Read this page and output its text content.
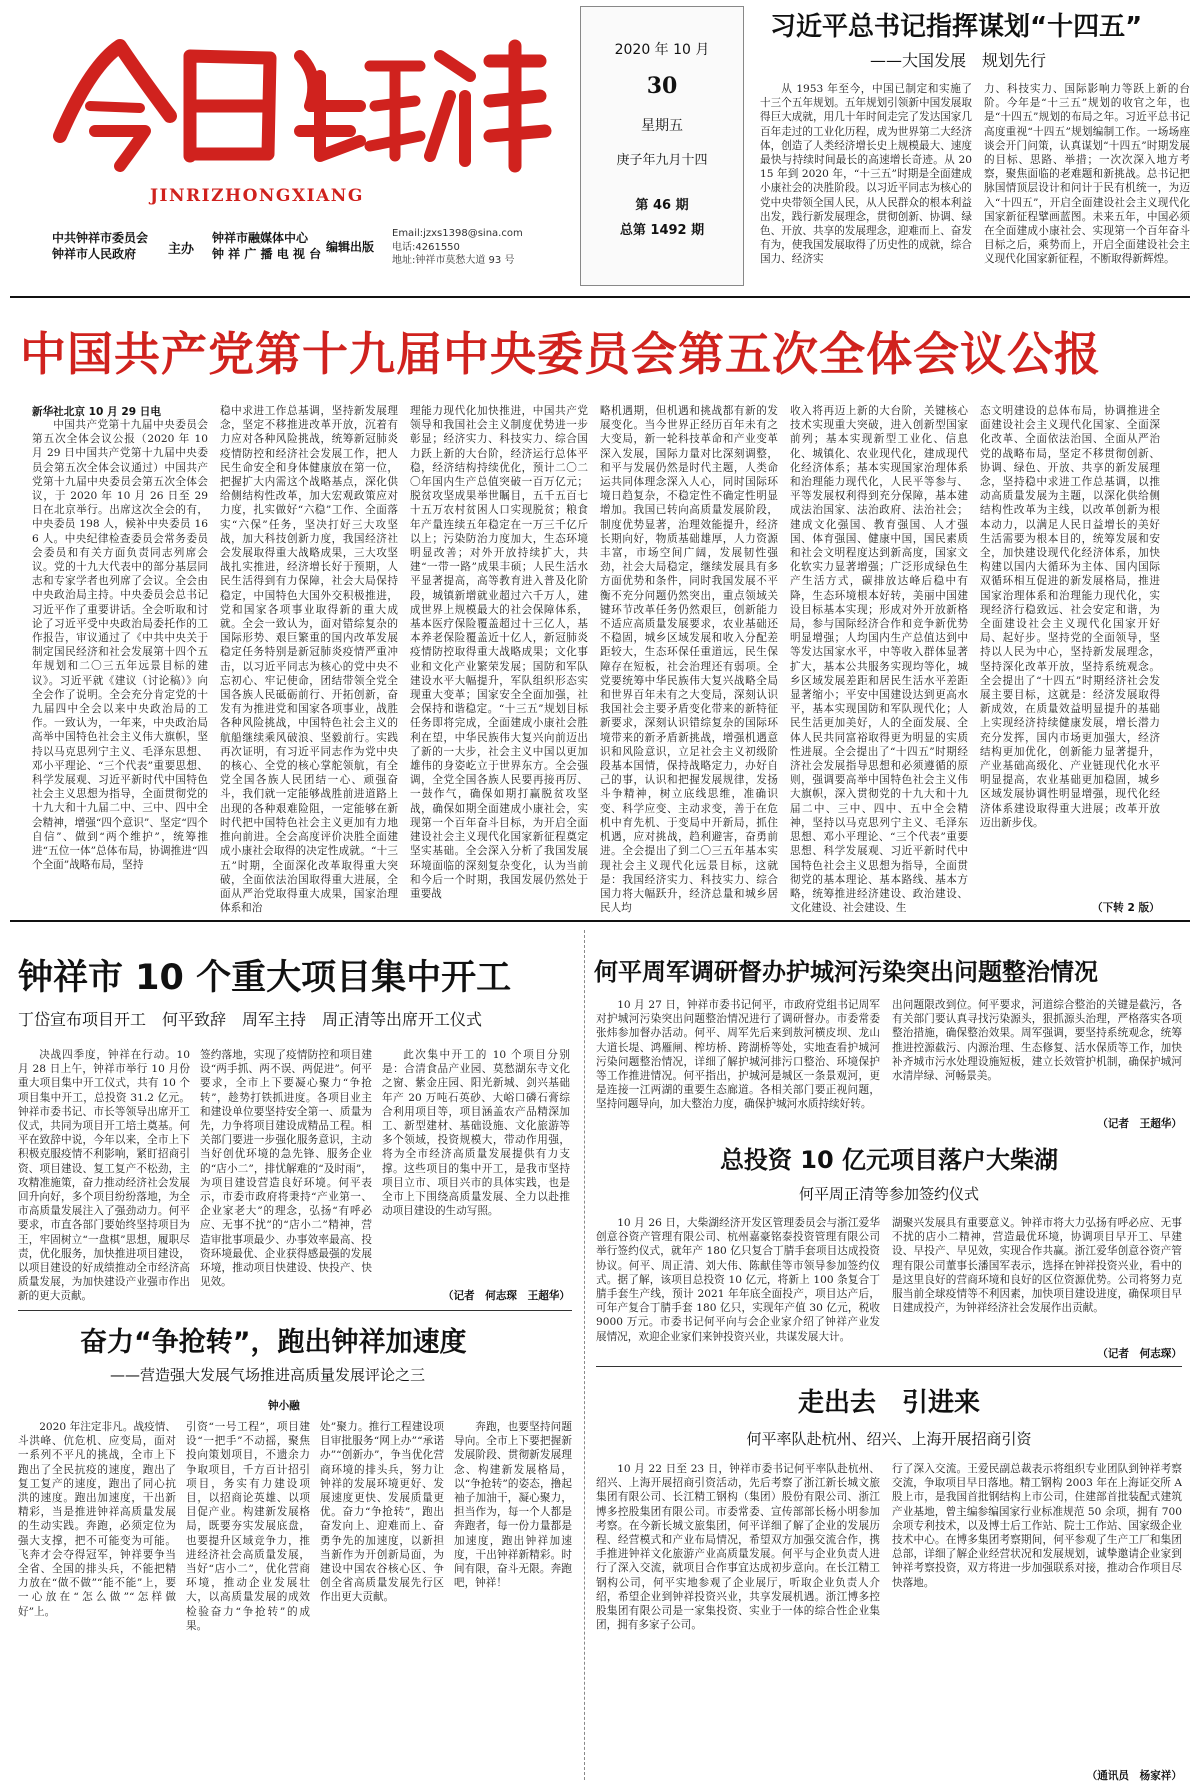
JINRIZHONGXIANG
中共钟祥市委员会
钟祥市人民政府	主办
钟祥市融媒体中心
钟 祥 广 播 电 视 台 编辑出版
Email:jzxs1398@sina.com
电话:4261550
地址:钟祥市莫愁大道 93 号
2020 年 10 月
30
星期五
庚子年九月十四
第 46 期
总第 1492 期
习近平总书记指挥谋划“十四五”
——大国发展　规划先行
从 1953 年至今，中国已制定和实施了十三个五年规划。五年规划引领新中国发展取得巨大成就，用几十年时间走完了发达国家几百年走过的工业化历程，成为世界第二大经济体，创造了人类经济增长史上规模最大、速度最快与持续时间最长的高速增长奇迹。从 2015 年到 2020 年，“十三五”时期是全面建成小康社会的决胜阶段。以习近平同志为核心的党中央带领全国人民，从人民群众的根本利益出发，践行新发展理念，贯彻创新、协调、绿色、开放、共享的发展理念，迎难而上、奋发有为，使我国发展取得了历史性的成就，综合国力、经济实
力、科技实力、国际影响力等跃上新的台阶。今年是“十三五”规划的收官之年，也是“十四五”规划的布局之年。习近平总书记高度重视“十四五”规划编制工作。一场场座谈会开门问策，认真谋划“十四五”时期发展的目标、思路、举措；一次次深入地方考察，聚焦面临的老难题和新挑战。总书记把脉国情顶层设计和问计于民有机统一，为迈入“十四五”，开启全面建设社会主义现代化国家新征程擘画蓝图。未来五年，中国必须在全面建成小康社会、实现第一个百年奋斗目标之后，乘势而上，开启全面建设社会主义现代化国家新征程，不断取得新辉煌。
中国共产党第十九届中央委员会第五次全体会议公报
新华社北京 10 月 29 日电
中国共产党第十九届中央委员会第五次全体会议公报（2020 年 10 月 29 日中国共产党第十九届中央委员会第五次全体会议通过）中国共产党第十九届中央委员会第五次全体会议，于 2020 年 10 月 26 日至 29 日在北京举行。出席这次全会的有，中央委员 198 人，候补中央委员 166 人。中央纪律检查委员会常务委员会委员和有关方面负责同志列席会议。党的十九大代表中的部分基层同志和专家学者也列席了会议。全会由中央政治局主持。中央委员会总书记习近平作了重要讲话。全会听取和讨论了习近平受中央政治局委托作的工作报告，审议通过了《中共中央关于制定国民经济和社会发展第十四个五年规划和二〇三五年远景目标的建议》。习近平就《建议（讨论稿）》向全会作了说明。全会充分肯定党的十九届四中全会以来中央政治局的工作。一致认为，一年来，中央政治局高举中国特色社会主义伟大旗帜，坚持以马克思列宁主义、毛泽东思想、邓小平理论、“三个代表”重要思想、科学发展观、习近平新时代中国特色社会主义思想为指导，全面贯彻党的十九大和十九届二中、三中、四中全会精神，增强“四个意识”、坚定“四个自信”、做到“两个维护”，统筹推进“五位一体”总体布局，协调推进“四个全面”战略布局，坚持
稳中求进工作总基调，坚持新发展理念，坚定不移推进改革开放，沉着有力应对各种风险挑战，统筹新冠肺炎疫情防控和经济社会发展工作，把人民生命安全和身体健康放在第一位，把握扩大内需这个战略基点，深化供给侧结构性改革，加大宏观政策应对力度，扎实做好“六稳”工作、全面落实“六保”任务，坚决打好三大攻坚战，加大科技创新力度，我国经济社会发展取得重大战略成果，三大攻坚战扎实推进，经济增长好于预期，人民生活得到有力保障，社会大局保持稳定，中国特色大国外交积极推进，党和国家各项事业取得新的重大成就。全会一致认为，面对错综复杂的国际形势、艰巨繁重的国内改革发展稳定任务特别是新冠肺炎疫情严重冲击，以习近平同志为核心的党中央不忘初心、牢记使命，团结带领全党全国各族人民砥砺前行、开拓创新，奋发有为推进党和国家各项事业，战胜各种风险挑战，中国特色社会主义的航船继续乘风破浪、坚毅前行。实践再次证明，有习近平同志作为党中央的核心、全党的核心掌舵领航，有全党全国各族人民团结一心、顽强奋斗，我们就一定能够战胜前进道路上出现的各种艰难险阻，一定能够在新时代把中国特色社会主义更加有力地推向前进。全会高度评价决胜全面建成小康社会取得的决定性成就。“十三五”时期，全面深化改革取得重大突破，全面依法治国取得重大进展，全面从严治党取得重大成果，国家治理体系和治
理能力现代化加快推进，中国共产党领导和我国社会主义制度优势进一步彰显；经济实力、科技实力、综合国力跃上新的大台阶，经济运行总体平稳，经济结构持续优化，预计二〇二〇年国内生产总值突破一百万亿元；脱贫攻坚成果举世瞩目，五千五百七十五万农村贫困人口实现脱贫；粮食年产量连续五年稳定在一万三千亿斤以上；污染防治力度加大，生态环境明显改善；对外开放持续扩大，共建“一带一路”成果丰硕；人民生活水平显著提高，高等教育进入普及化阶段，城镇新增就业超过六千万人，建成世界上规模最大的社会保障体系，基本医疗保险覆盖超过十三亿人，基本养老保险覆盖近十亿人，新冠肺炎疫情防控取得重大战略成果；文化事业和文化产业繁荣发展；国防和军队建设水平大幅提升，军队组织形态实现重大变革；国家安全全面加强，社会保持和谐稳定。“十三五”规划目标任务即将完成，全面建成小康社会胜利在望，中华民族伟大复兴向前迈出了新的一大步，社会主义中国以更加雄伟的身姿屹立于世界东方。全会强调，全党全国各族人民要再接再厉、一鼓作气，确保如期打赢脱贫攻坚战，确保如期全面建成小康社会，实现第一个百年奋斗目标，为开启全面建设社会主义现代化国家新征程奠定坚实基础。全会深入分析了我国发展环境面临的深刻复杂变化，认为当前和今后一个时期，我国发展仍然处于重要战
略机遇期，但机遇和挑战都有新的发展变化。当今世界正经历百年未有之大变局，新一轮科技革命和产业变革深入发展，国际力量对比深刻调整，和平与发展仍然是时代主题，人类命运共同体理念深入人心，同时国际环境日趋复杂，不稳定性不确定性明显增加。我国已转向高质量发展阶段，制度优势显著，治理效能提升，经济长期向好，物质基础雄厚，人力资源丰富，市场空间广阔，发展韧性强劲，社会大局稳定，继续发展具有多方面优势和条件，同时我国发展不平衡不充分问题仍然突出，重点领域关键环节改革任务仍然艰巨，创新能力不适应高质量发展要求，农业基础还不稳固，城乡区域发展和收入分配差距较大，生态环保任重道远，民生保障存在短板，社会治理还有弱项。全党要统筹中华民族伟大复兴战略全局和世界百年未有之大变局，深刻认识我国社会主要矛盾变化带来的新特征新要求，深刻认识错综复杂的国际环境带来的新矛盾新挑战，增强机遇意识和风险意识，立足社会主义初级阶段基本国情，保持战略定力，办好自己的事，认识和把握发展规律，发扬斗争精神，树立底线思维，准确识变、科学应变、主动求变，善于在危机中育先机、于变局中开新局，抓住机遇，应对挑战，趋利避害，奋勇前进。全会提出了到二〇三五年基本实现社会主义现代化远景目标，这就是：我国经济实力、科技实力、综合国力将大幅跃升，经济总量和城乡居民人均
收入将再迈上新的大台阶，关键核心技术实现重大突破，进入创新型国家前列；基本实现新型工业化、信息化、城镇化、农业现代化，建成现代化经济体系；基本实现国家治理体系和治理能力现代化，人民平等参与、平等发展权利得到充分保障，基本建成法治国家、法治政府、法治社会；建成文化强国、教育强国、人才强国、体育强国、健康中国，国民素质和社会文明程度达到新高度，国家文化软实力显著增强；广泛形成绿色生产生活方式，碳排放达峰后稳中有降，生态环境根本好转，美丽中国建设目标基本实现；形成对外开放新格局，参与国际经济合作和竞争新优势明显增强；人均国内生产总值达到中等发达国家水平，中等收入群体显著扩大，基本公共服务实现均等化，城乡区域发展差距和居民生活水平差距显著缩小；平安中国建设达到更高水平，基本实现国防和军队现代化；人民生活更加美好，人的全面发展、全体人民共同富裕取得更为明显的实质性进展。全会提出了“十四五”时期经济社会发展指导思想和必须遵循的原则，强调要高举中国特色社会主义伟大旗帜，深入贯彻党的十九大和十九届二中、三中、四中、五中全会精神，坚持以马克思列宁主义、毛泽东思想、邓小平理论、“三个代表”重要思想、科学发展观、习近平新时代中国特色社会主义思想为指导，全面贯彻党的基本理论、基本路线、基本方略，统筹推进经济建设、政治建设、文化建设、社会建设、生
态文明建设的总体布局，协调推进全面建设社会主义现代化国家、全面深化改革、全面依法治国、全面从严治党的战略布局，坚定不移贯彻创新、协调、绿色、开放、共享的新发展理念，坚持稳中求进工作总基调，以推动高质量发展为主题，以深化供给侧结构性改革为主线，以改革创新为根本动力，以满足人民日益增长的美好生活需要为根本目的，统筹发展和安全，加快建设现代化经济体系，加快构建以国内大循环为主体、国内国际双循环相互促进的新发展格局，推进国家治理体系和治理能力现代化，实现经济行稳致远、社会安定和谐，为全面建设社会主义现代化国家开好局、起好步。坚持党的全面领导，坚持以人民为中心，坚持新发展理念，坚持深化改革开放，坚持系统观念。全会提出了“十四五”时期经济社会发展主要目标，这就是：经济发展取得新成效，在质量效益明显提升的基础上实现经济持续健康发展，增长潜力充分发挥，国内市场更加强大，经济结构更加优化，创新能力显著提升，产业基础高级化、产业链现代化水平明显提高，农业基础更加稳固，城乡区域发展协调性明显增强，现代化经济体系建设取得重大进展；改革开放迈出新步伐。
（下转 2 版）
钟祥市 10 个重大项目集中开工
丁岱宣布项目开工　何平致辞　周军主持　周正清等出席开工仪式
决战四季度，钟祥在行动。10 月 28 日上午，钟祥市举行 10 月份重大项目集中开工仪式，共有 10 个项目集中开工，总投资 31.2 亿元。钟祥市委书记、市长等领导出席开工仪式，共同为项目开工培土奠基。何平在致辞中说，今年以来，全市上下积极克服疫情不利影响，紧盯招商引资、项目建设、复工复产不松劲，主攻精准施策，奋力推动经济社会发展回升向好，多个项目纷纷落地，为全市高质量发展注入了强劲动力。何平要求，市直各部门要始终坚持项目为王，牢固树立“一盘棋”思想，履职尽责，优化服务，加快推进项目建设，以项目建设的好成绩推动全市经济高质量发展，为加快建设产业强市作出新的更大贡献。
签约落地，实现了疫情防控和项目建设“两手抓、两不误、两促进”。何平要求，全市上下要凝心聚力“争抢转”，趁势打铁抓进度。各项目业主和建设单位要坚持安全第一、质量为先，力争将项目建设成精品工程。相关部门要进一步强化服务意识，主动当好创优环境的急先锋、服务企业的“店小二”，排忧解难的“及时雨”，为项目建设营造良好环境。何平表示，市委市政府将秉持“产业第一、企业家老大”的理念，弘扬“有呼必应、无事不扰”的“店小二”精神，营造审批事项最少、办事效率最高、投资环境最优、企业获得感最强的发展环境，推动项目快建设、快投产、快见效。
此次集中开工的 10 个项目分别是：合清食品产业园、莫愁湖东寺文化之窗、紫金庄园、阳光新城、剑兴基础年产 20 万吨石英砂、大峪口磷石膏综合利用项目等，项目涵盖农产品精深加工、新型建材、基础设施、文化旅游等多个领域，投资规模大，带动作用强，将为全市经济高质量发展提供有力支撑。这些项目的集中开工，是我市坚持项目立市、项目兴市的具体实践，也是全市上下围绕高质量发展、全力以赴推动项目建设的生动写照。
（记者　何志琛　王超华）
奋力“争抢转”，跑出钟祥加速度
——营造强大发展气场推进高质量发展评论之三
钟小融
2020 年注定非凡。战疫情、斗洪峰、伉危机、应变局，面对一系列不平凡的挑战，全市上下跑出了全民抗疫的速度，跑出了复工复产的速度，跑出了同心抗洪的速度。跑出加速度，干出新精彩，当是推进钟祥高质量发展的生动实践。奔跑，必须定位为强大支撑，把不可能变为可能。飞奔才会夺得冠军，钟祥要争当全省、全国的排头兵，不能把精力放在“做不做”“能不能”上，要一心放在“怎么做”“怎样做好”上。
引资“一号工程”，项目建设“一把手”不动摇，聚焦投向策划项目，不遗余力争取项目，千方百计招引项目，务实有力建设项目，以招商论英雄、以项目促产业。构建新发展格局，既要夯实发展底盘，也要提升区域竞争力，推进经济社会高质量发展，当好“店小二”，优化营商环境，推动企业发展壮大，以高质量发展的成效检验奋力“争抢转”的成果。
处”聚力。推行工程建设项目审批服务“网上办”“承诺办”“创新办”，争当优化营商环境的排头兵，努力让钟祥的发展环境更好、发展速度更快、发展质量更优。奋力“争抢转”，跑出奋发向上、迎难而上、奋勇争先的加速度，以新担当新作为开创新局面，为建设中国农谷核心区、争创全省高质量发展先行区作出更大贡献。
奔跑，也要坚持问题导向。全市上下要把握新发展阶段、贯彻新发展理念、构建新发展格局，以“争抢转”的姿态，撸起袖子加油干，凝心聚力，担当作为，每一个人都是奔跑者，每一份力量都是加速度，跑出钟祥加速度，干出钟祥新精彩。时间有限，奋斗无限。奔跑吧，钟祥！
何平周军调研督办护城河污染突出问题整治情况
10 月 27 日，钟祥市委书记何平，市政府党组书记周军对护城河污染突出问题整治情况进行了调研督办。市委常委张炜参加督办活动。何平、周军先后来到敖河横皮坝、龙山大道长堤、鸿雁闸、榨坊桥、跨湖桥等处，实地查看护城河污染问题整治情况，详细了解护城河排污口整治、环境保护等工作推进情况。何平指出，护城河是城区一条景观河，更是连接一江两湖的重要生态廊道。各相关部门要正视问题，坚持问题导向，加大整治力度，确保护城河水质持续好转。
出问题限改到位。何平要求，河道综合整治的关键是截污，各有关部门要认真寻找污染源头，狠抓源头治理，严格落实各项整治措施，确保整治效果。周军强调，要坚持系统观念，统筹推进控源截污、内源治理、生态修复、活水保质等工作，加快补齐城市污水处理设施短板，建立长效管护机制，确保护城河水清岸绿、河畅景美。
（记者　王超华）
总投资 10 亿元项目落户大柴湖
何平周正清等参加签约仪式
10 月 26 日，大柴湖经济开发区管理委员会与浙江爱华创意谷资产管理有限公司、杭州嘉豪铭泰投资管理有限公司举行签约仪式，就年产 180 亿只复合丁腈手套项目达成投资协议。何平、周正清、刘大伟、陈献佳等市领导参加签约仪式。据了解，该项目总投资 10 亿元，将新上 100 条复合丁腈手套生产线，预计 2021 年年底全面投产，项目达产后，可年产复合丁腈手套 180 亿只，实现年产值 30 亿元，税收 9000 万元。市委书记何平向与会企业家介绍了钟祥产业发展情况，欢迎企业家们来钟投资兴业，共谋发展大计。
湖聚兴发展具有重要意义。钟祥市将大力弘扬有呼必应、无事不扰的店小二精神，营造最优环境，协调项目早开工、早建设、早投产、早见效，实现合作共赢。浙江爱华创意谷资产管理有限公司董事长潘国军表示，选择在钟祥投资兴业，看中的是这里良好的营商环境和良好的区位资源优势。公司将努力克服当前全球疫情等不利因素，加快项目建设进度，确保项目早日建成投产，为钟祥经济社会发展作出贡献。
（记者　何志琛）
走出去　引进来
何平率队赴杭州、绍兴、上海开展招商引资
10 月 22 日至 23 日，钟祥市委书记何平率队赴杭州、绍兴、上海开展招商引资活动，先后考察了浙江新长城文旅集团有限公司、长江精工钢构（集团）股份有限公司、浙江博多控股集团有限公司。市委常委、宣传部部长杨小明参加考察。在今新长城文旅集团，何平详细了解了企业的发展历程、经营模式和产业布局情况，希望双方加强交流合作，携手推进钟祥文化旅游产业高质量发展。何平与企业负责人进行了深入交流，就项目合作事宜达成初步意向。在长江精工钢构公司，何平实地参观了企业展厅，听取企业负责人介绍，希望企业到钟祥投资兴业，共享发展机遇。浙江博多控股集团有限公司是一家集投资、实业于一体的综合性企业集团，拥有多家子公司。
行了深入交流。王爱民副总裁表示将组织专业团队到钟祥考察交流，争取项目早日落地。精工钢构 2003 年在上海证交所 A 股上市，是我国首批钢结构上市公司，住建部首批装配式建筑产业基地，曾主编参编国家行业标准规范 50 余项，拥有 700 余项专利技术，以及博士后工作站、院士工作站、国家级企业技术中心。在博多集团考察期间，何平参观了生产工厂和集团总部，详细了解企业经营状况和发展规划，诚挚邀请企业家到钟祥考察投资，双方将进一步加强联系对接，推动合作项目尽快落地。
（通讯员　杨家祥）
